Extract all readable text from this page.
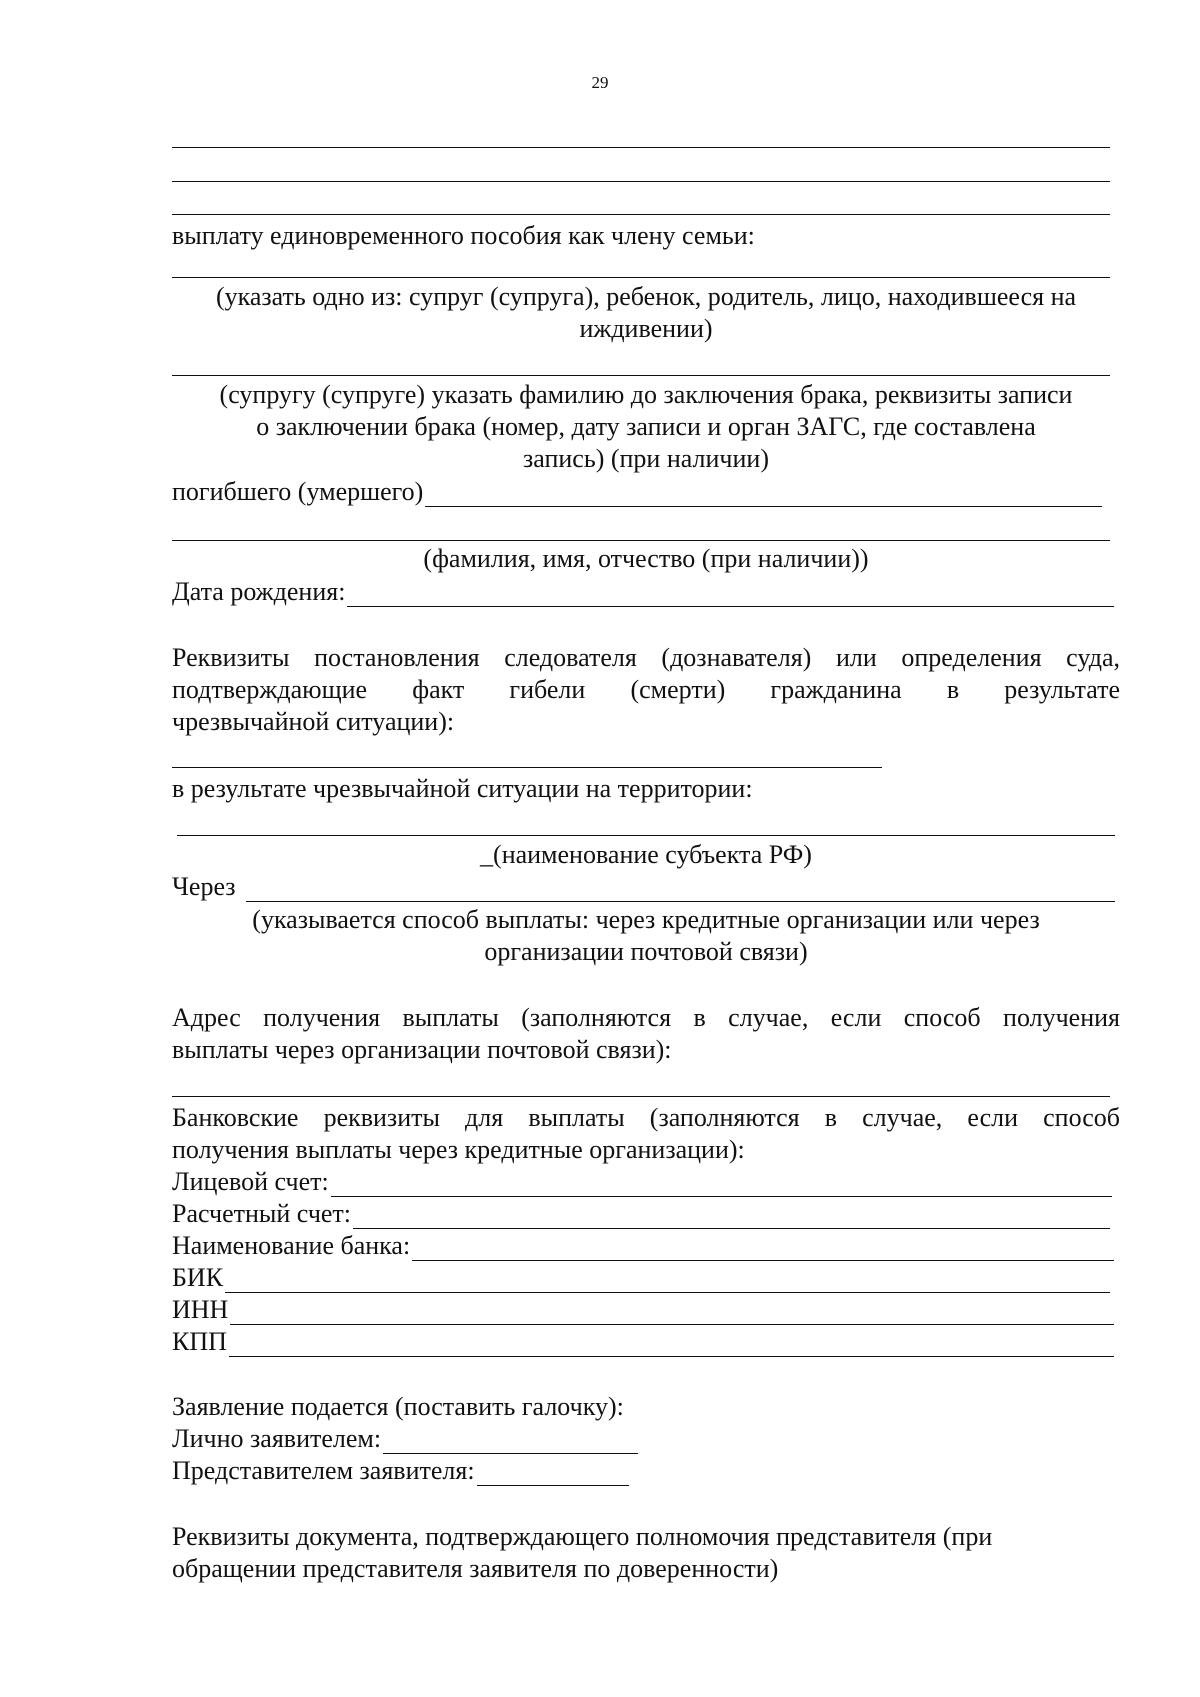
29
выплату единовременного пособия как члену семьи:
(указать одно из: супруг (супруга), ребенок, родитель, лицо, находившееся на
иждивении)
(супругу (супруге) указать фамилию до заключения брака, реквизиты записи
о заключении брака (номер, дату записи и орган ЗАГС, где составлена
запись) (при наличии)
погибшего (умершего)
(фамилия, имя, отчество (при наличии))
Дата рождения:
Реквизиты постановления следователя (дознавателя) или определения суда,
подтверждающие факт гибели (смерти) гражданина в результате
чрезвычайной ситуации):
в результате чрезвычайной ситуации на территории:
_(наименование субъекта РФ)
Через
(указывается способ выплаты: через кредитные организации или через
организации почтовой связи)
Адрес получения выплаты (заполняются в случае, если способ получения
выплаты через организации почтовой связи):
Банковские реквизиты для выплаты (заполняются в случае, если способ
получения выплаты через кредитные организации):
Лицевой счет:
Расчетный счет:
Наименование банка:
БИК
ИНН
КПП
Заявление подается (поставить галочку):
Лично заявителем:
Представителем заявителя:
Реквизиты документа, подтверждающего полномочия представителя (при
обращении представителя заявителя по доверенности)
